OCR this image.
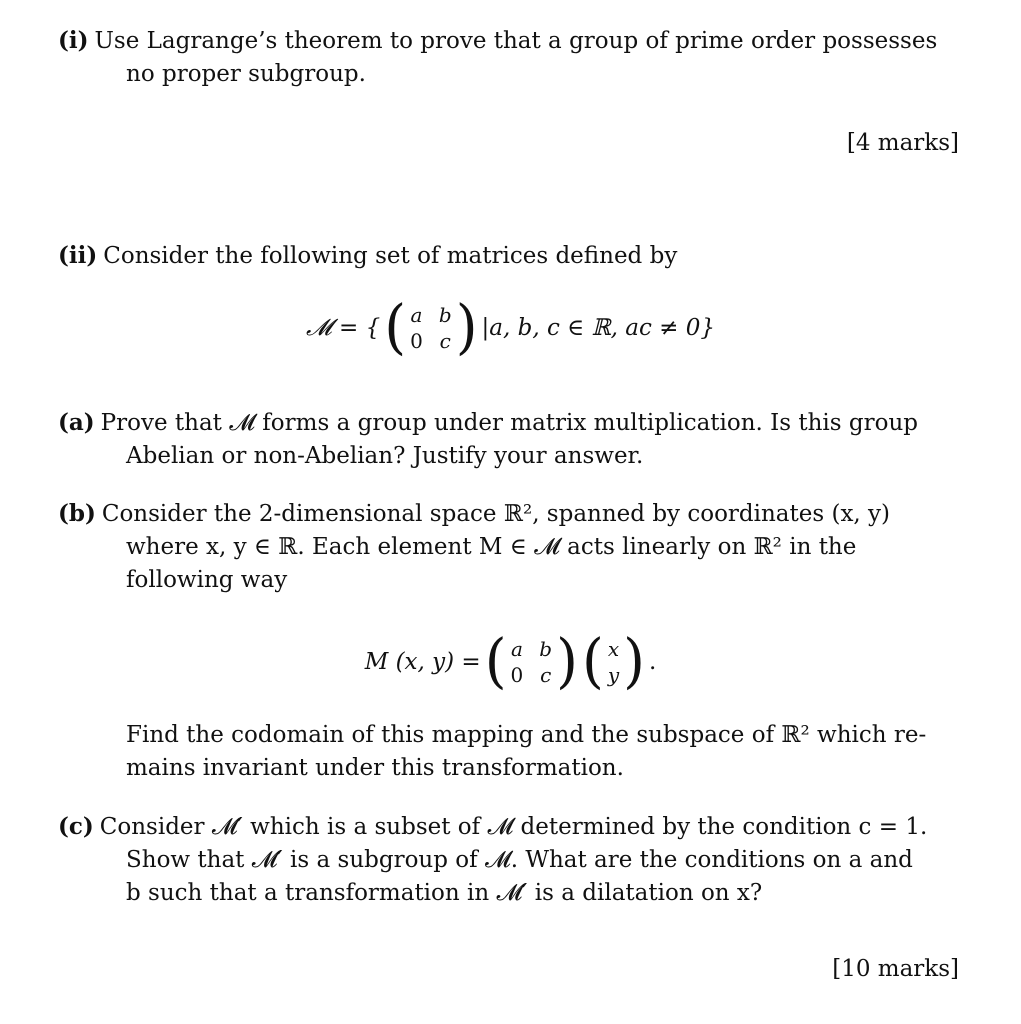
(i) Use Lagrange’s theorem to prove that a group of prime order possesses
no proper subgroup.
[4 marks]
(ii) Consider the following set of matrices defined by
𝓜 = { ( a b
0 c ) |a, b, c ∈ ℝ, ac ≠ 0}
(a) Prove that 𝓜 forms a group under matrix multiplication. Is this group
Abelian or non-Abelian? Justify your answer.
(b) Consider the 2-dimensional space ℝ², spanned by coordinates (x, y)
where x, y ∈ ℝ. Each element M ∈ 𝓜 acts linearly on ℝ² in the
following way
M (x, y) = ( a b
0 c ) ( x
y ) .
Find the codomain of this mapping and the subspace of ℝ² which re-
mains invariant under this transformation.
(c) Consider 𝓜′ which is a subset of 𝓜 determined by the condition c = 1.
Show that 𝓜′ is a subgroup of 𝓜. What are the conditions on a and
b such that a transformation in 𝓜′ is a dilatation on x?
[10 marks]
